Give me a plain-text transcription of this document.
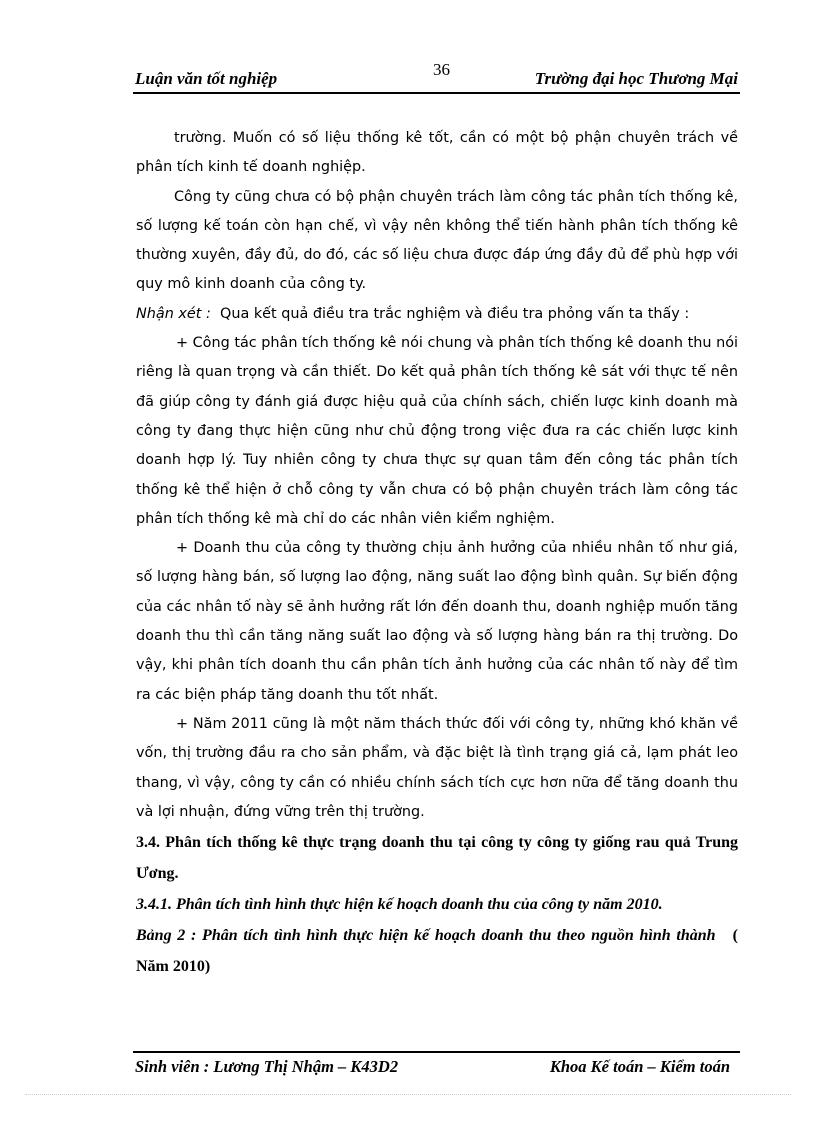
Luận văn tốt nghiệp	36	Trường đại học Thương Mại

trường. Muốn có số liệu thống kê tốt, cần có một bộ phận chuyên trách về phân tích kinh tế doanh nghiệp.

Công ty cũng chưa có bộ phận chuyên trách làm công tác phân tích thống kê, số lượng kế toán còn hạn chế, vì vậy nên không thể tiến hành phân tích thống kê thường xuyên, đầy đủ, do đó, các số liệu chưa được đáp ứng đầy đủ để phù hợp với quy mô kinh doanh của công ty.

Nhận xét : Qua kết quả điều tra trắc nghiệm và điều tra phỏng vấn ta thấy :

+ Công tác phân tích thống kê nói chung và phân tích thống kê doanh thu nói riêng là quan trọng và cần thiết. Do kết quả phân tích thống kê sát với thực tế nên đã giúp công ty đánh giá được hiệu quả của chính sách, chiến lược kinh doanh mà công ty đang thực hiện cũng như chủ động trong việc đưa ra các chiến lược kinh doanh hợp lý. Tuy nhiên công ty chưa thực sự quan tâm đến công tác phân tích thống kê thể hiện ở chỗ công ty vẫn chưa có bộ phận chuyên trách làm công tác phân tích thống kê mà chỉ do các nhân viên kiểm nghiệm.

+ Doanh thu của công ty thường chịu ảnh hưởng của nhiều nhân tố như giá, số lượng hàng bán, số lượng lao động, năng suất lao động bình quân. Sự biến động của các nhân tố này sẽ ảnh hưởng rất lớn đến doanh thu, doanh nghiệp muốn tăng doanh thu thì cần tăng năng suất lao động và số lượng hàng bán ra thị trường. Do vậy, khi phân tích doanh thu cần phân tích ảnh hưởng của các nhân tố này để tìm ra các biện pháp tăng doanh thu tốt nhất.

+ Năm 2011 cũng là một năm thách thức đối với công ty, những khó khăn về vốn, thị trường đầu ra cho sản phẩm, và đặc biệt là tình trạng giá cả, lạm phát leo thang, vì vậy, công ty cần có nhiều chính sách tích cực hơn nữa để tăng doanh thu và lợi nhuận, đứng vững trên thị trường.

3.4. Phân tích thống kê thực trạng doanh thu tại công ty công ty giống rau quả Trung Ương.

3.4.1. Phân tích tình hình thực hiện kế hoạch doanh thu của công ty năm 2010.

Bảng 2 : Phân tích tình hình thực hiện kế hoạch doanh thu theo nguồn hình thành ( Năm 2010)

Sinh viên : Lương Thị Nhậm – K43D2	Khoa Kế toán – Kiểm toán
